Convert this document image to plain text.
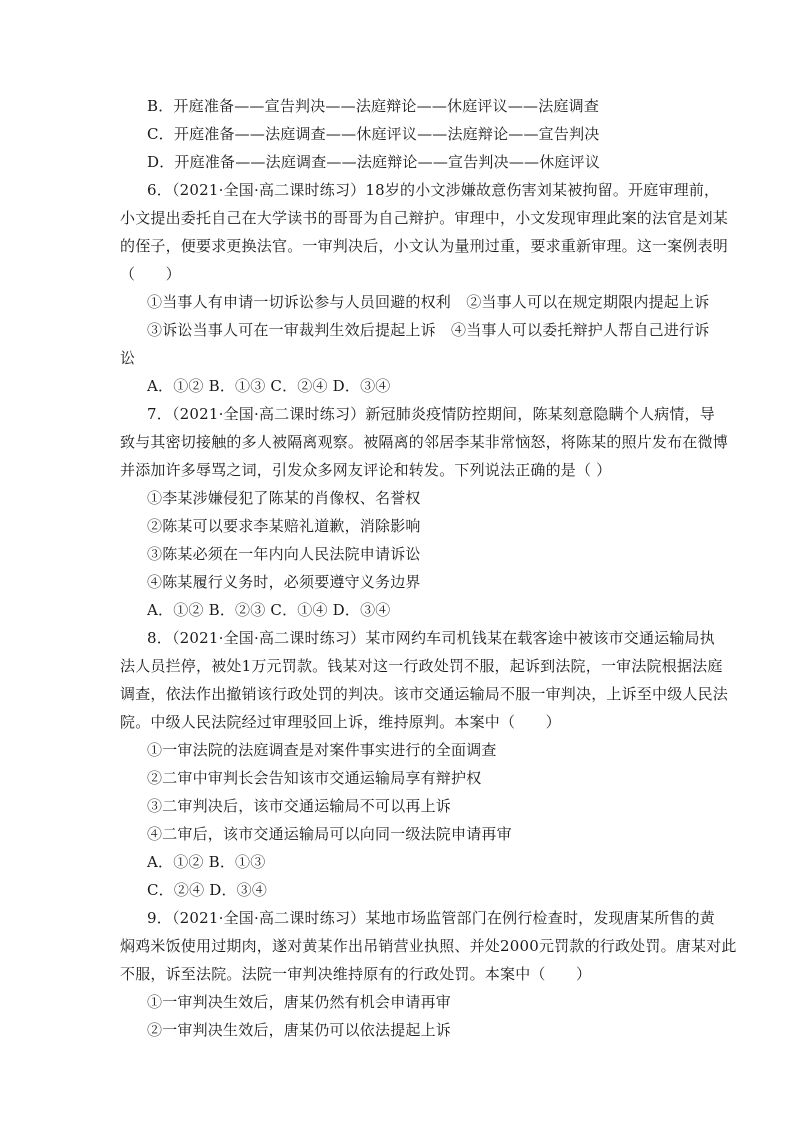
B．开庭准备——宣告判决——法庭辩论——休庭评议——法庭调查
C．开庭准备——法庭调查——休庭评议——法庭辩论——宣告判决
D．开庭准备——法庭调查——法庭辩论——宣告判决——休庭评议
6．（2021·全国·高二课时练习）18岁的小文涉嫌故意伤害刘某被拘留。开庭审理前，
小文提出委托自己在大学读书的哥哥为自己辩护。审理中，小文发现审理此案的法官是刘某
的侄子，便要求更换法官。一审判决后，小文认为量刑过重，要求重新审理。这一案例表明
（　　）
①当事人有申请一切诉讼参与人员回避的权利　②当事人可以在规定期限内提起上诉
③诉讼当事人可在一审裁判生效后提起上诉　④当事人可以委托辩护人帮自己进行诉
讼
A．①② B．①③ C．②④ D．③④
7．（2021·全国·高二课时练习）新冠肺炎疫情防控期间，陈某刻意隐瞒个人病情，导
致与其密切接触的多人被隔离观察。被隔离的邻居李某非常恼怒，将陈某的照片发布在微博
并添加许多辱骂之词，引发众多网友评论和转发。下列说法正确的是（ ）
①李某涉嫌侵犯了陈某的肖像权、名誉权
②陈某可以要求李某赔礼道歉，消除影响
③陈某必须在一年内向人民法院申请诉讼
④陈某履行义务时，必须要遵守义务边界
A．①② B．②③ C．①④ D．③④
8．（2021·全国·高二课时练习）某市网约车司机钱某在载客途中被该市交通运输局执
法人员拦停，被处1万元罚款。钱某对这一行政处罚不服，起诉到法院，一审法院根据法庭
调查，依法作出撤销该行政处罚的判决。该市交通运输局不服一审判决，上诉至中级人民法
院。中级人民法院经过审理驳回上诉，维持原判。本案中（　　）
①一审法院的法庭调查是对案件事实进行的全面调查
②二审中审判长会告知该市交通运输局享有辩护权
③二审判决后，该市交通运输局不可以再上诉
④二审后，该市交通运输局可以向同一级法院申请再审
A．①② B．①③
C．②④ D．③④
9．（2021·全国·高二课时练习）某地市场监管部门在例行检查时，发现唐某所售的黄
焖鸡米饭使用过期肉，遂对黄某作出吊销营业执照、并处2000元罚款的行政处罚。唐某对此
不服，诉至法院。法院一审判决维持原有的行政处罚。本案中（　　）
①一审判决生效后，唐某仍然有机会申请再审
②一审判决生效后，唐某仍可以依法提起上诉
